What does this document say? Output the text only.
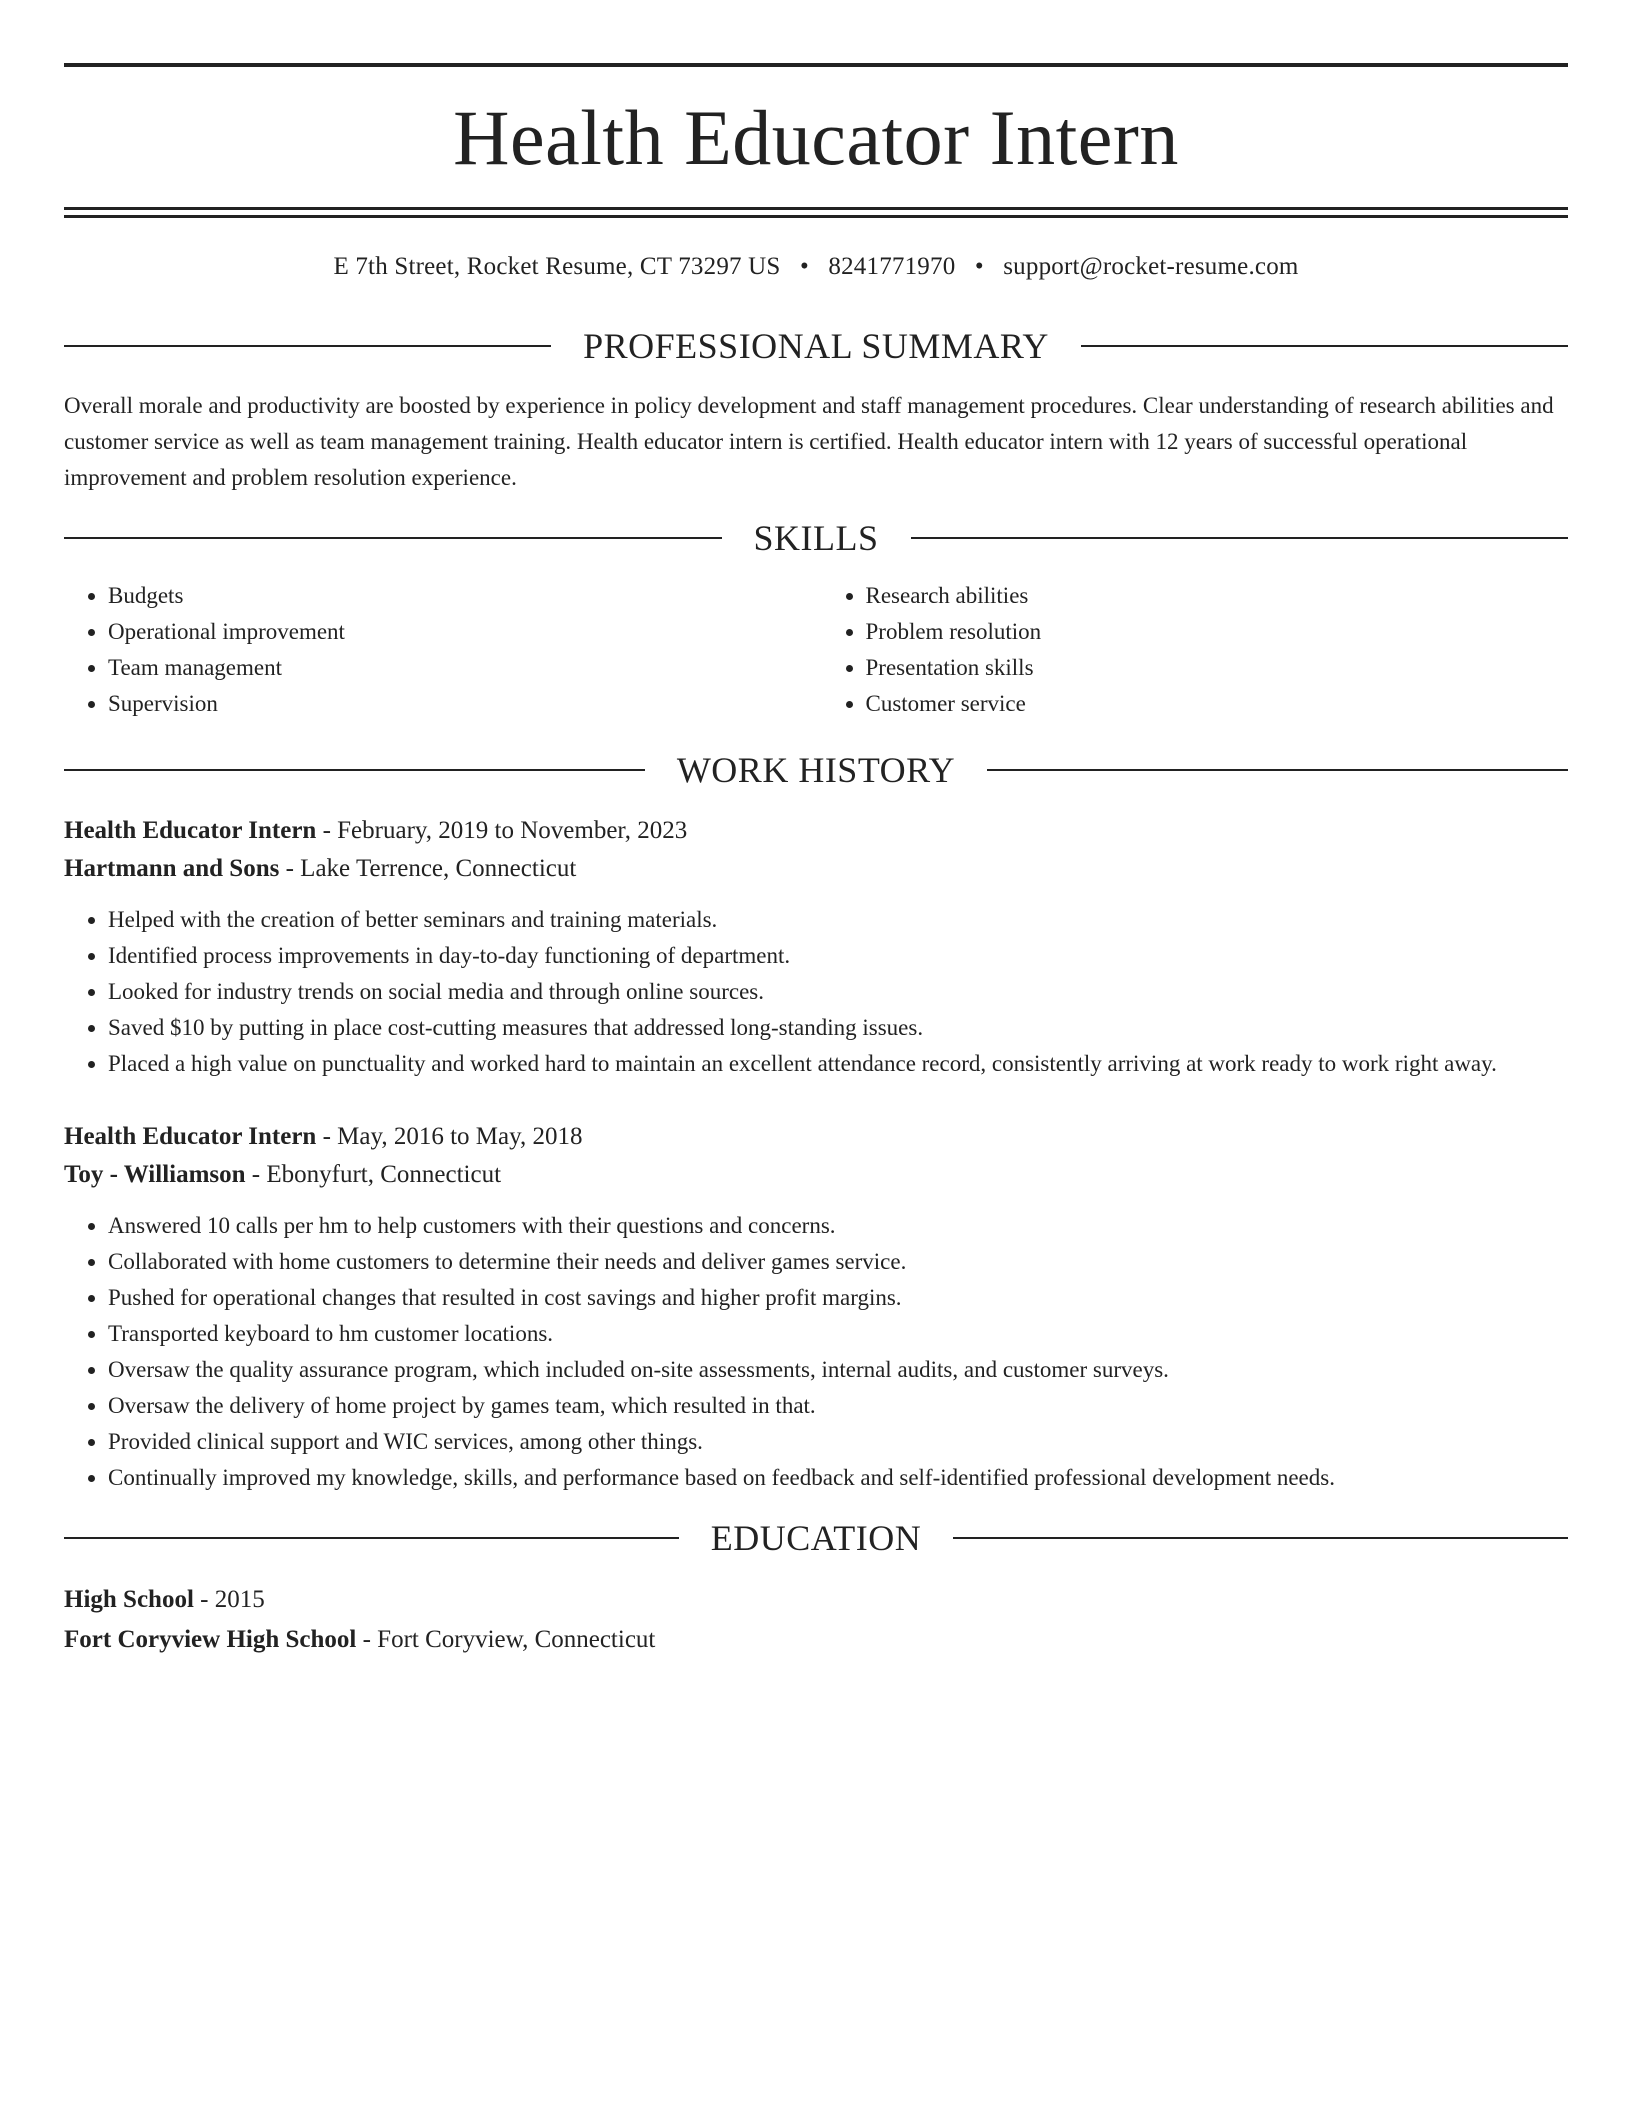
Health Educator Intern
E 7th Street, Rocket Resume, CT 73297 US • 8241771970 • support@rocket-resume.com
PROFESSIONAL SUMMARY

Overall morale and productivity are boosted by experience in policy development and staff management procedures. Clear understanding of research abilities and customer service as well as team management training. Health educator intern is certified. Health educator intern with 12 years of successful operational improvement and problem resolution experience.

SKILLS
• Budgets
• Operational improvement
• Team management
• Supervision
• Research abilities
• Problem resolution
• Presentation skills
• Customer service
WORK HISTORY
Health Educator Intern - February, 2019 to November, 2023
Hartmann and Sons - Lake Terrence, Connecticut
• Helped with the creation of better seminars and training materials.
• Identified process improvements in day-to-day functioning of department.
• Looked for industry trends on social media and through online sources.
• Saved $10 by putting in place cost-cutting measures that addressed long-standing issues.
• Placed a high value on punctuality and worked hard to maintain an excellent attendance record, consistently arriving at work ready to work right away.
Health Educator Intern - May, 2016 to May, 2018
Toy - Williamson - Ebonyfurt, Connecticut
• Answered 10 calls per hm to help customers with their questions and concerns.
• Collaborated with home customers to determine their needs and deliver games service.
• Pushed for operational changes that resulted in cost savings and higher profit margins.
• Transported keyboard to hm customer locations.
• Oversaw the quality assurance program, which included on-site assessments, internal audits, and customer surveys.
• Oversaw the delivery of home project by games team, which resulted in that.
• Provided clinical support and WIC services, among other things.
• Continually improved my knowledge, skills, and performance based on feedback and self-identified professional development needs.
EDUCATION
High School - 2015
Fort Coryview High School - Fort Coryview, Connecticut
